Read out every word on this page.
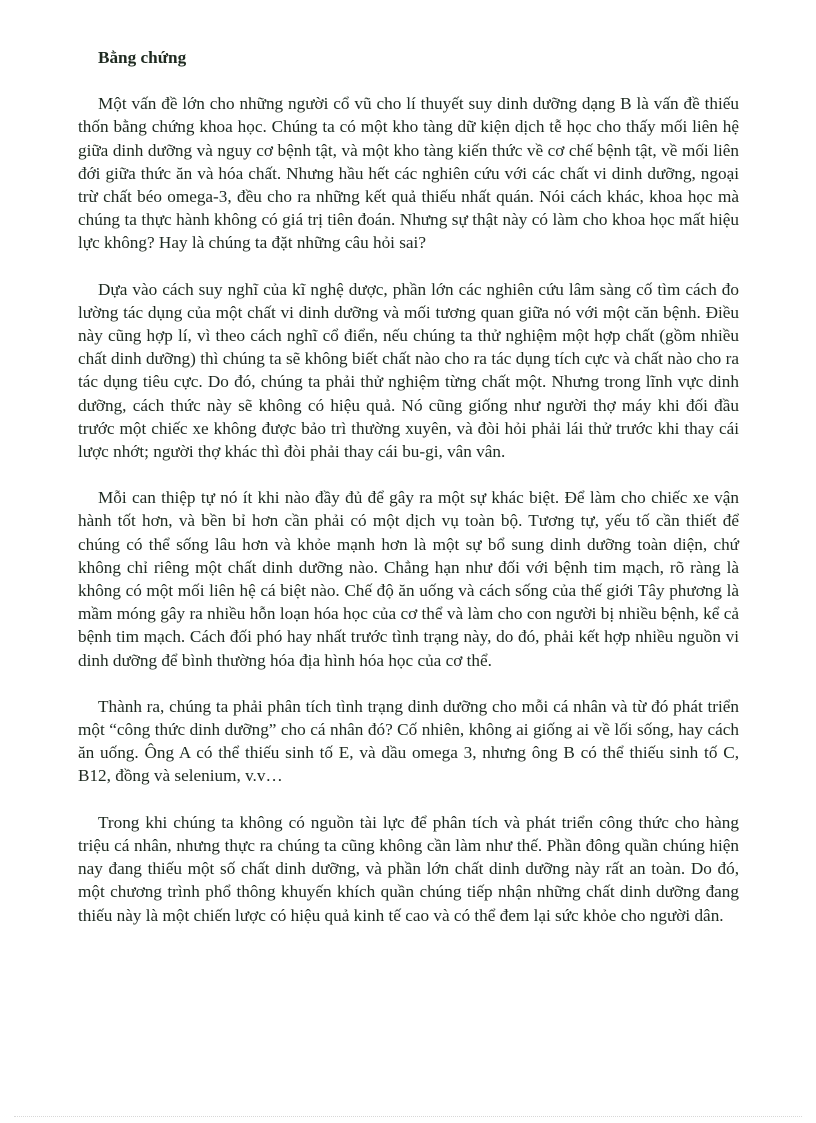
Bằng chứng

Một vấn đề lớn cho những người cổ vũ cho lí thuyết suy dinh dưỡng dạng B là vấn đề thiếu thốn bằng chứng khoa học. Chúng ta có một kho tàng dữ kiện dịch tễ học cho thấy mối liên hệ giữa dinh dưỡng và nguy cơ bệnh tật, và một kho tàng kiến thức về cơ chế bệnh tật, về mối liên đới giữa thức ăn và hóa chất. Nhưng hầu hết các nghiên cứu với các chất vi dinh dưỡng, ngoại trừ chất béo omega-3, đều cho ra những kết quả thiếu nhất quán. Nói cách khác, khoa học mà chúng ta thực hành không có giá trị tiên đoán. Nhưng sự thật này có làm cho khoa học mất hiệu lực không? Hay là chúng ta đặt những câu hỏi sai?

Dựa vào cách suy nghĩ của kĩ nghệ dược, phần lớn các nghiên cứu lâm sàng cố tìm cách đo lường tác dụng của một chất vi dinh dưỡng và mối tương quan giữa nó với một căn bệnh. Điều này cũng hợp lí, vì theo cách nghĩ cổ điển, nếu chúng ta thử nghiệm một hợp chất (gồm nhiều chất dinh dưỡng) thì chúng ta sẽ không biết chất nào cho ra tác dụng tích cực và chất nào cho ra tác dụng tiêu cực. Do đó, chúng ta phải thử nghiệm từng chất một. Nhưng trong lĩnh vực dinh dưỡng, cách thức này sẽ không có hiệu quả. Nó cũng giống như người thợ máy khi đối đầu trước một chiếc xe không được bảo trì thường xuyên, và đòi hỏi phải lái thử trước khi thay cái lược nhớt; người thợ khác thì đòi phải thay cái bu-gi, vân vân.

Mỗi can thiệp tự nó ít khi nào đầy đủ để gây ra một sự khác biệt. Để làm cho chiếc xe vận hành tốt hơn, và bền bỉ hơn cần phải có một dịch vụ toàn bộ. Tương tự, yếu tố cần thiết để chúng có thể sống lâu hơn và khỏe mạnh hơn là một sự bổ sung dinh dưỡng toàn diện, chứ không chỉ riêng một chất dinh dưỡng nào. Chẳng hạn như đối với bệnh tim mạch, rõ ràng là không có một mối liên hệ cá biệt nào. Chế độ ăn uống và cách sống của thế giới Tây phương là mầm móng gây ra nhiều hỗn loạn hóa học của cơ thể và làm cho con người bị nhiều bệnh, kể cả bệnh tim mạch. Cách đối phó hay nhất trước tình trạng này, do đó, phải kết hợp nhiều nguồn vi dinh dưỡng để bình thường hóa địa hình hóa học của cơ thể.

Thành ra, chúng ta phải phân tích tình trạng dinh dưỡng cho mỗi cá nhân và từ đó phát triển một “công thức dinh dưỡng” cho cá nhân đó? Cố nhiên, không ai giống ai về lối sống, hay cách ăn uống. Ông A có thể thiếu sinh tố E, và dầu omega 3, nhưng ông B có thể thiếu sinh tố C, B12, đồng và selenium, v.v…

Trong khi chúng ta không có nguồn tài lực để phân tích và phát triển công thức cho hàng triệu cá nhân, nhưng thực ra chúng ta cũng không cần làm như thế. Phần đông quần chúng hiện nay đang thiếu một số chất dinh dưỡng, và phần lớn chất dinh dưỡng này rất an toàn. Do đó, một chương trình phổ thông khuyến khích quần chúng tiếp nhận những chất dinh dưỡng đang thiếu này là một chiến lược có hiệu quả kinh tế cao và có thể đem lại sức khỏe cho người dân.
